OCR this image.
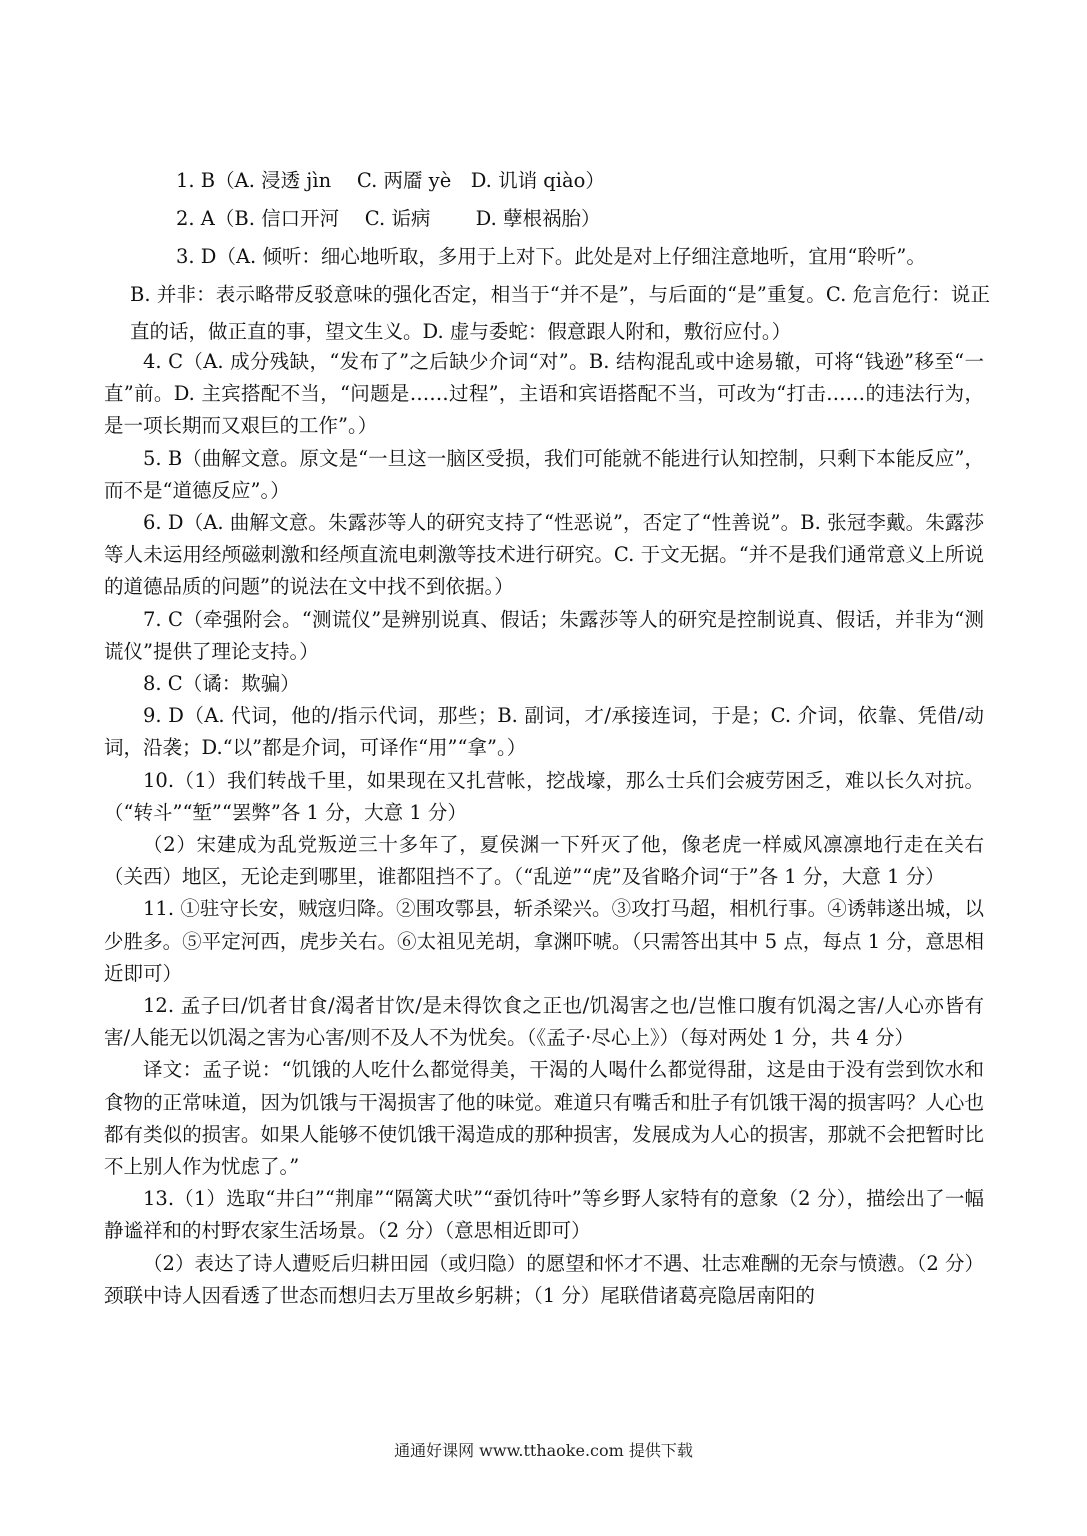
1. B（A. 浸透 jìn　 C. 两靥 yè　D. 讥诮 qiào）
2. A（B. 信口开河　 C. 诟病　　 D. 孽根祸胎）
3. D（A. 倾听：细心地听取，多用于上对下。此处是对上仔细注意地听，宜用“聆听”。
B. 并非：表示略带反驳意味的强化否定，相当于“并不是”，与后面的“是”重复。C. 危言危行：说正直的话，做正直的事，望文生义。D. 虚与委蛇：假意跟人附和，敷衍应付。）

4. C（A. 成分残缺，“发布了”之后缺少介词“对”。B. 结构混乱或中途易辙，可将“钱逊”移至“一直”前。D. 主宾搭配不当，“问题是……过程”，主语和宾语搭配不当，可改为“打击……的违法行为，是一项长期而又艰巨的工作”。）

5. B（曲解文意。原文是“一旦这一脑区受损，我们可能就不能进行认知控制，只剩下本能反应”，而不是“道德反应”。）

6. D（A. 曲解文意。朱露莎等人的研究支持了“性恶说”，否定了“性善说”。B. 张冠李戴。朱露莎等人未运用经颅磁刺激和经颅直流电刺激等技术进行研究。C. 于文无据。“并不是我们通常意义上所说的道德品质的问题”的说法在文中找不到依据。）

7. C（牵强附会。“测谎仪”是辨别说真、假话；朱露莎等人的研究是控制说真、假话，并非为“测谎仪”提供了理论支持。）

8. C（谲：欺骗）

9. D（A. 代词，他的/指示代词，那些；B. 副词，才/承接连词，于是；C. 介词，依靠、凭借/动词，沿袭；D.“以”都是介词，可译作“用”“拿”。）

10.（1）我们转战千里，如果现在又扎营帐，挖战壕，那么士兵们会疲劳困乏，难以长久对抗。（“转斗”“堑”“罢弊”各 1 分，大意 1 分）

（2）宋建成为乱党叛逆三十多年了，夏侯渊一下歼灭了他，像老虎一样威风凛凛地行走在关右（关西）地区，无论走到哪里，谁都阻挡不了。（“乱逆”“虎”及省略介词“于”各 1 分，大意 1 分）

11. ①驻守长安，贼寇归降。②围攻鄠县，斩杀梁兴。③攻打马超，相机行事。④诱韩遂出城，以少胜多。⑤平定河西，虎步关右。⑥太祖见羌胡，拿渊吓唬。（只需答出其中 5 点，每点 1 分，意思相近即可）

12. 孟子曰/饥者甘食/渴者甘饮/是未得饮食之正也/饥渴害之也/岂惟口腹有饥渴之害/人心亦皆有害/人能无以饥渴之害为心害/则不及人不为忧矣。（《孟子·尽心上》）（每对两处 1 分，共 4 分）

译文：孟子说：“饥饿的人吃什么都觉得美，干渴的人喝什么都觉得甜，这是由于没有尝到饮水和食物的正常味道，因为饥饿与干渴损害了他的味觉。难道只有嘴舌和肚子有饥饿干渴的损害吗？人心也都有类似的损害。如果人能够不使饥饿干渴造成的那种损害，发展成为人心的损害，那就不会把暂时比不上别人作为忧虑了。”

13.（1）选取“井臼”“荆扉”“隔篱犬吠”“蚕饥待叶”等乡野人家特有的意象（2 分），描绘出了一幅静谧祥和的村野农家生活场景。（2 分）（意思相近即可）

（2）表达了诗人遭贬后归耕田园（或归隐）的愿望和怀才不遇、壮志难酬的无奈与愤懑。（2 分）颈联中诗人因看透了世态而想归去万里故乡躬耕；（1 分）尾联借诸葛亮隐居南阳的

通通好课网 www.tthaoke.com 提供下载
